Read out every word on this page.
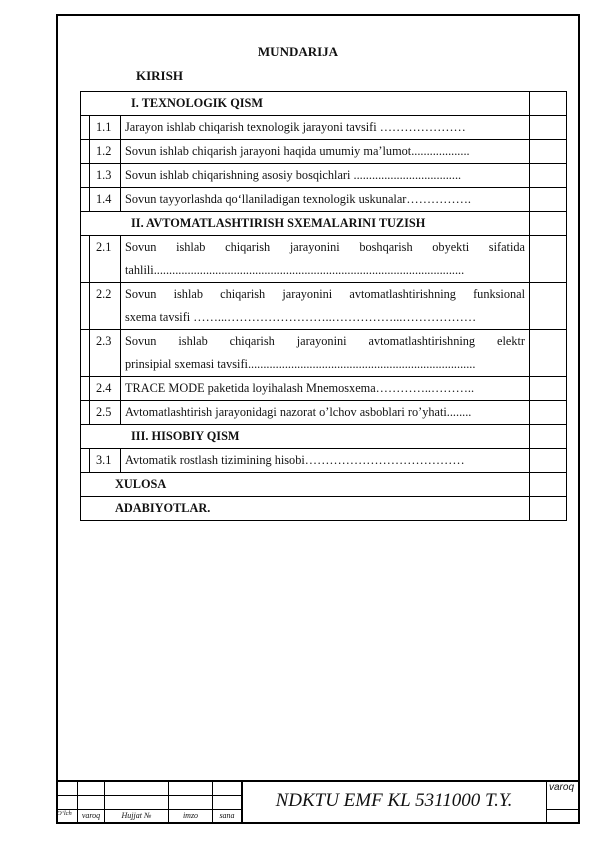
MUNDARIJA
KIRISH
I. TEXNOLOGIK QISM			
	1.1	Jarayon ishlab chiqarish texnologik jarayoni tavsifi …………………	
	1.2	Sovun ishlab chiqarish jarayoni haqida umumiy ma’lumot...................	
	1.3	Sovun ishlab chiqarishning asosiy bosqichlari ...................................	
	1.4	Sovun tayyorlashda qo‘llaniladigan texnologik uskunalar…………….	
II. AVTOMATLASHTIRISH SXEMALARINI TUZISH			
	2.1	Sovun ishlab chiqarish jarayonini boshqarish obyekti sifatida
tahlili.....................................................................................................	

	2.2	Sovun ishlab chiqarish jarayonini avtomatlashtirishning funksional
sxema tavsifi ……...……………………..……………...………………	

	2.3	Sovun ishlab chiqarish jarayonini avtomatlashtirishning elektr
prinsipial sxemasi tavsifi..........................................................................	

	2.4	TRACE MODE paketida loyihalash Mnemosxema…………..………..	
	2.5	Avtomatlashtirish jarayonidagi nazorat o’lchov asboblari ro’yhati........	
III. HISOBIY QISM			
	3.1	Avtomatik rostlash tizimining hisobi…………………………………	
XULOSA			
ADABIYOTLAR.			
O‘lch	varoq	Hujjat №	imzo	sana
NDKTU EMF KL 5311000 T.Y.
varoq
